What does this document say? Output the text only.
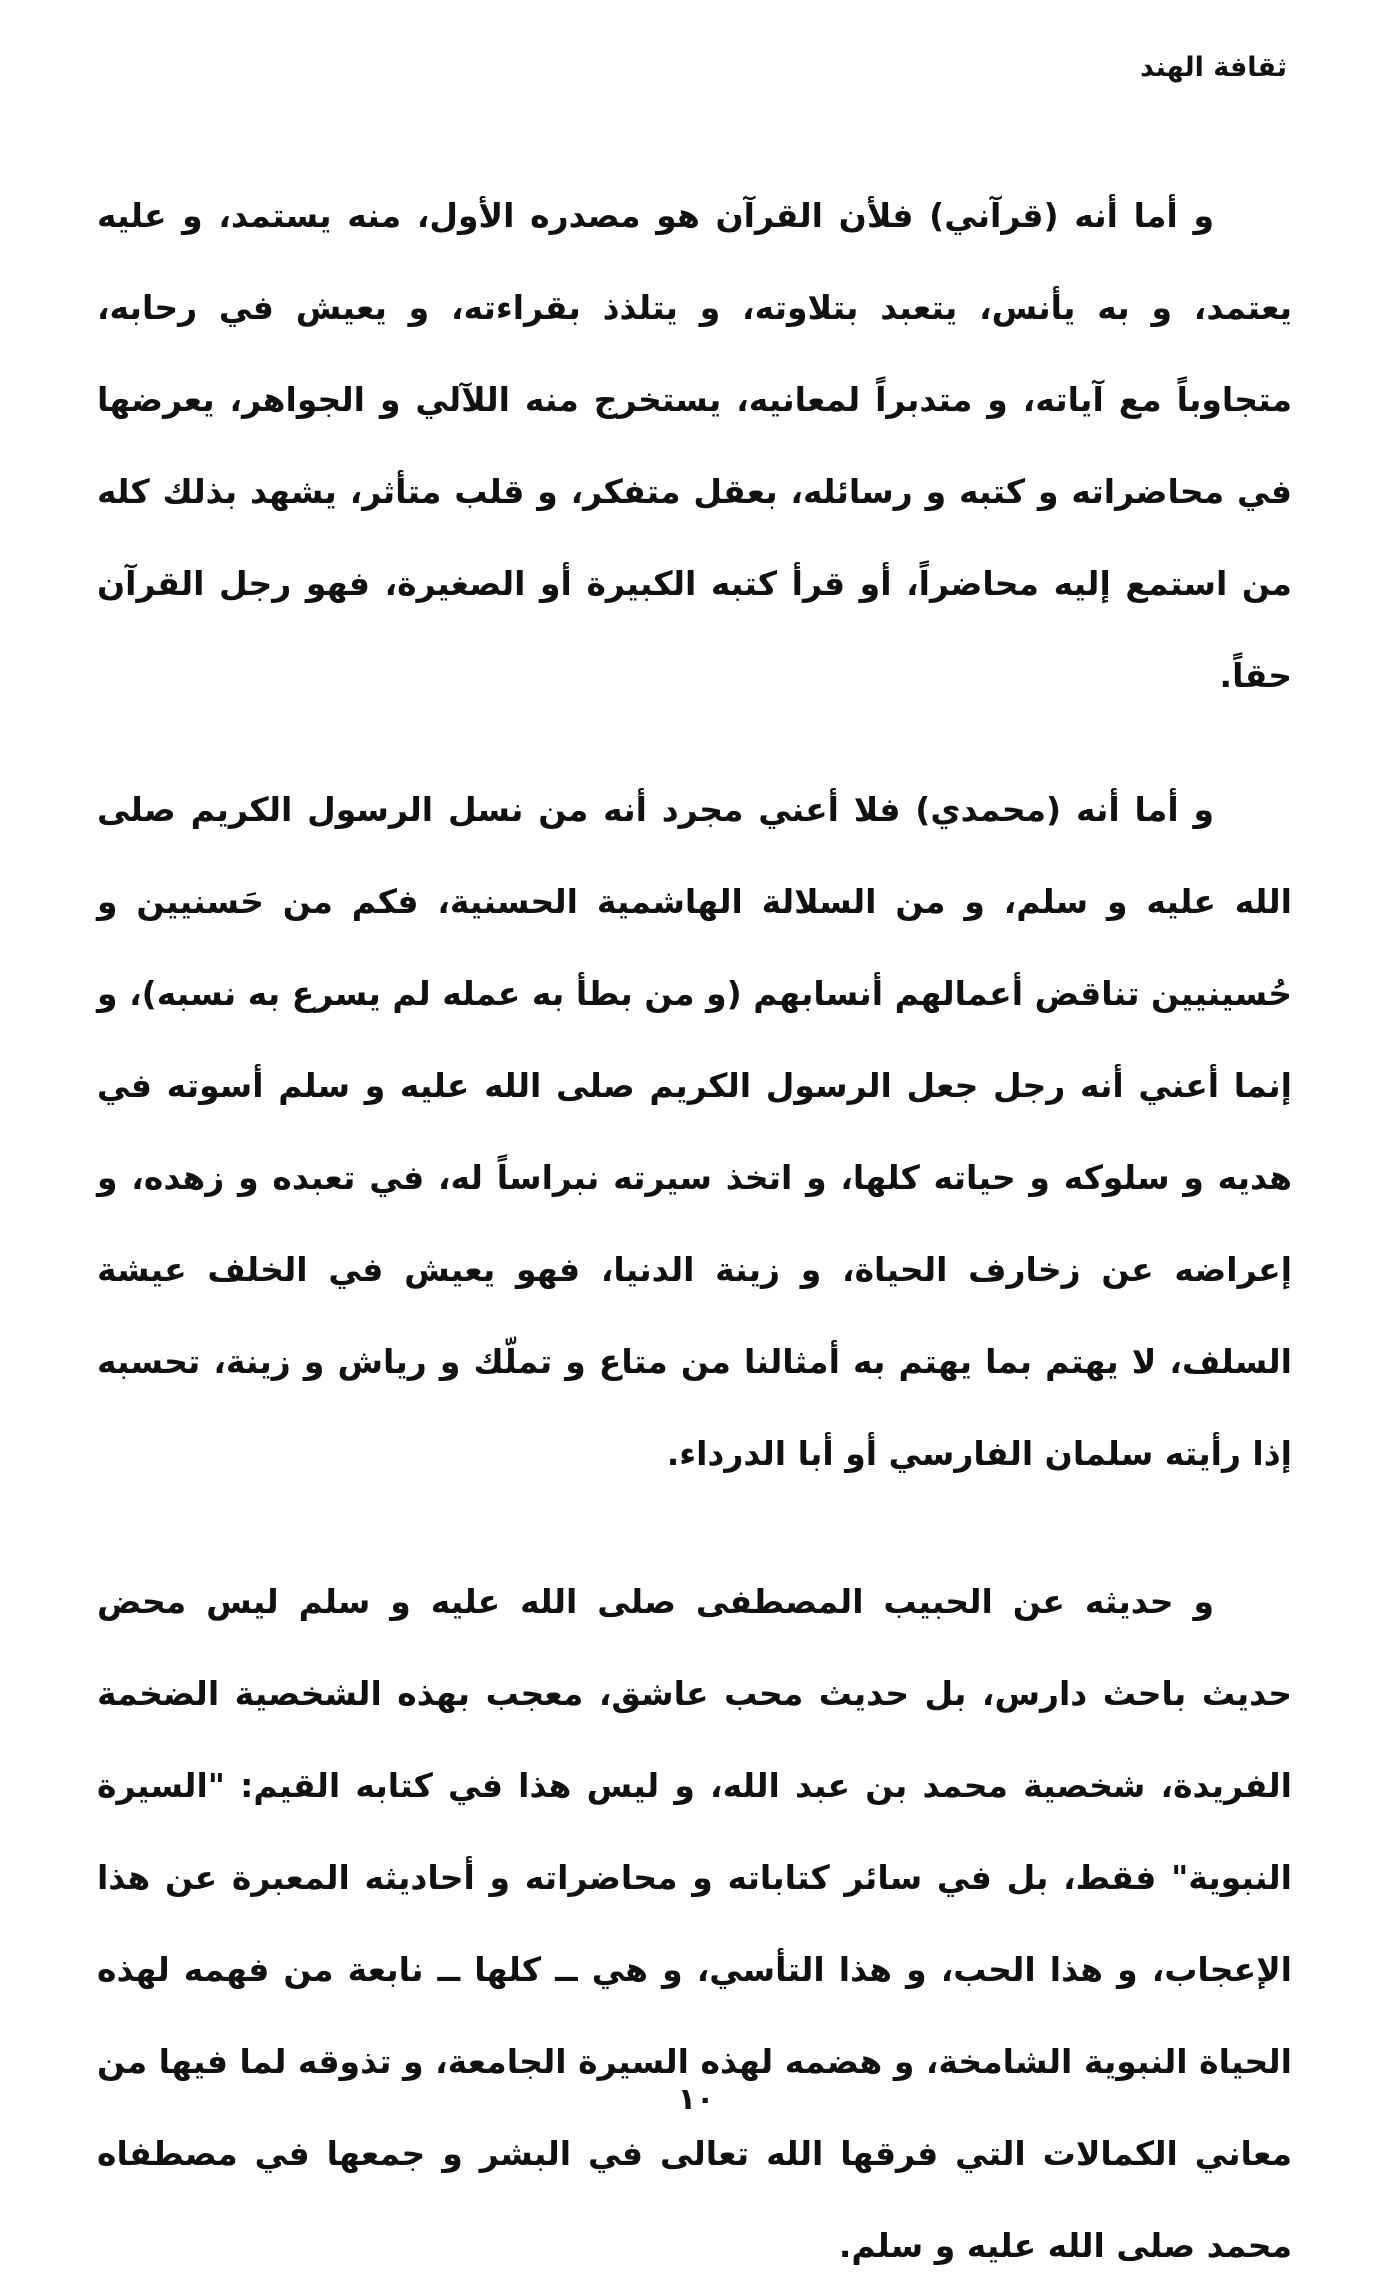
ثقافة الهند

و أما أنه (قرآني) فلأن القرآن هو مصدره الأول، منه يستمد، و عليه يعتمد، و به يأنس، يتعبد بتلاوته، و يتلذذ بقراءته، و يعيش في رحابه، متجاوباً مع آياته، و متدبراً لمعانيه، يستخرج منه اللآلي و الجواهر، يعرضها في محاضراته و كتبه و رسائله، بعقل متفكر، و قلب متأثر، يشهد بذلك كله من استمع إليه محاضراً، أو قرأ كتبه الكبيرة أو الصغيرة، فهو رجل القرآن حقاً.

و أما أنه (محمدي) فلا أعني مجرد أنه من نسل الرسول الكريم صلى الله عليه و سلم، و من السلالة الهاشمية الحسنية، فكم من حَسنيين و حُسينيين تناقض أعمالهم أنسابهم (و من بطأ به عمله لم يسرع به نسبه)، و إنما أعني أنه رجل جعل الرسول الكريم صلى الله عليه و سلم أسوته في هديه و سلوكه و حياته كلها، و اتخذ سيرته نبراساً له، في تعبده و زهده، و إعراضه عن زخارف الحياة، و زينة الدنيا، فهو يعيش في الخلف عيشة السلف، لا يهتم بما يهتم به أمثالنا من متاع و تملّك و رياش و زينة، تحسبه إذا رأيته سلمان الفارسي أو أبا الدرداء.

و حديثه عن الحبيب المصطفى صلى الله عليه و سلم ليس محض حديث باحث دارس، بل حديث محب عاشق، معجب بهذه الشخصية الضخمة الفريدة، شخصية محمد بن عبد الله، و ليس هذا في كتابه القيم: "السيرة النبوية" فقط، بل في سائر كتاباته و محاضراته و أحاديثه المعبرة عن هذا الإعجاب، و هذا الحب، و هذا التأسي، و هي ــ كلها ــ نابعة من فهمه لهذه الحياة النبوية الشامخة، و هضمه لهذه السيرة الجامعة، و تذوقه لما فيها من معاني الكمالات التي فرقها الله تعالى في البشر و جمعها في مصطفاه محمد صلى الله عليه و سلم.

١٠
